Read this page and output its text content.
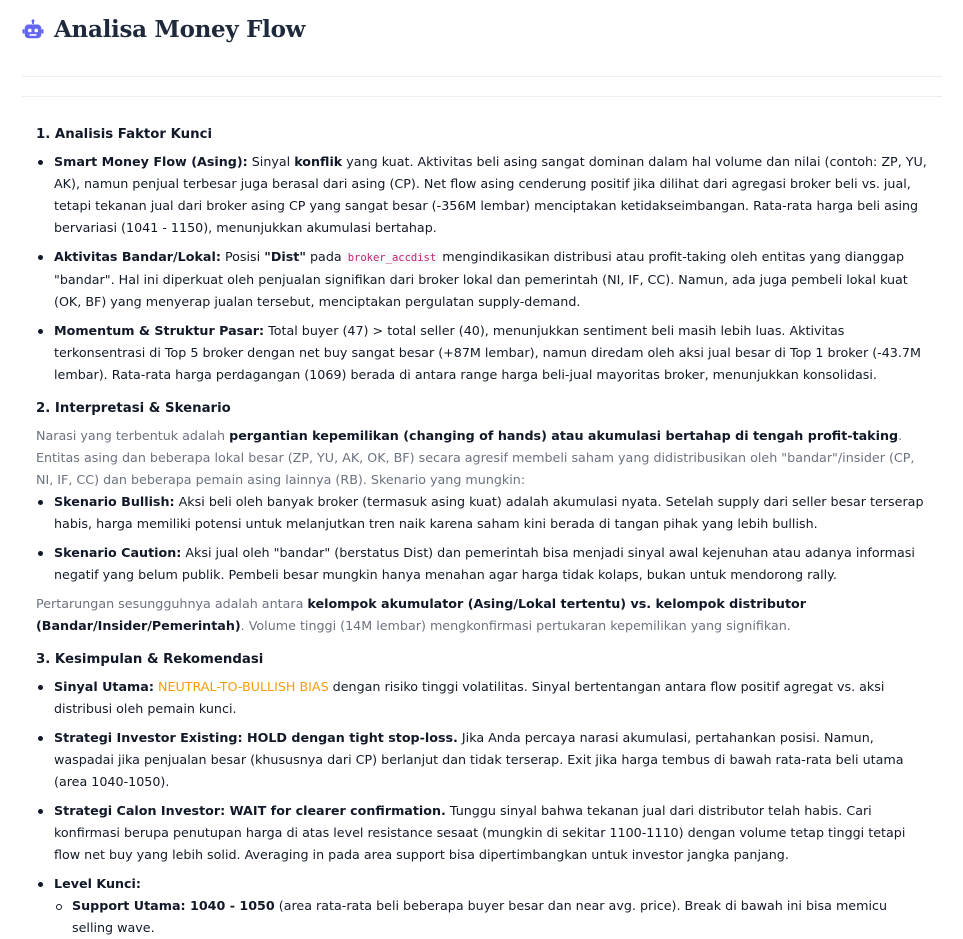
Analisa Money Flow

1. Analisis Faktor Kunci

Smart Money Flow (Asing): Sinyal konflik yang kuat. Aktivitas beli asing sangat dominan dalam hal volume dan nilai (contoh: ZP, YU, AK), namun penjual terbesar juga berasal dari asing (CP). Net flow asing cenderung positif jika dilihat dari agregasi broker beli vs. jual, tetapi tekanan jual dari broker asing CP yang sangat besar (-356M lembar) menciptakan ketidakseimbangan. Rata-rata harga beli asing bervariasi (1041 - 1150), menunjukkan akumulasi bertahap.
Aktivitas Bandar/Lokal: Posisi "Dist" pada broker_accdist mengindikasikan distribusi atau profit-taking oleh entitas yang dianggap "bandar". Hal ini diperkuat oleh penjualan signifikan dari broker lokal dan pemerintah (NI, IF, CC). Namun, ada juga pembeli lokal kuat (OK, BF) yang menyerap jualan tersebut, menciptakan pergulatan supply-demand.
Momentum & Struktur Pasar: Total buyer (47) > total seller (40), menunjukkan sentiment beli masih lebih luas. Aktivitas terkonsentrasi di Top 5 broker dengan net buy sangat besar (+87M lembar), namun diredam oleh aksi jual besar di Top 1 broker (-43.7M lembar). Rata-rata harga perdagangan (1069) berada di antara range harga beli-jual mayoritas broker, menunjukkan konsolidasi.

2. Interpretasi & Skenario

Narasi yang terbentuk adalah pergantian kepemilikan (changing of hands) atau akumulasi bertahap di tengah profit-taking. Entitas asing dan beberapa lokal besar (ZP, YU, AK, OK, BF) secara agresif membeli saham yang didistribusikan oleh "bandar"/insider (CP, NI, IF, CC) dan beberapa pemain asing lainnya (RB). Skenario yang mungkin:

Skenario Bullish: Aksi beli oleh banyak broker (termasuk asing kuat) adalah akumulasi nyata. Setelah supply dari seller besar terserap habis, harga memiliki potensi untuk melanjutkan tren naik karena saham kini berada di tangan pihak yang lebih bullish.
Skenario Caution: Aksi jual oleh "bandar" (berstatus Dist) dan pemerintah bisa menjadi sinyal awal kejenuhan atau adanya informasi negatif yang belum publik. Pembeli besar mungkin hanya menahan agar harga tidak kolaps, bukan untuk mendorong rally.

Pertarungan sesungguhnya adalah antara kelompok akumulator (Asing/Lokal tertentu) vs. kelompok distributor (Bandar/Insider/Pemerintah). Volume tinggi (14M lembar) mengkonfirmasi pertukaran kepemilikan yang signifikan.

3. Kesimpulan & Rekomendasi

Sinyal Utama: NEUTRAL-TO-BULLISH BIAS dengan risiko tinggi volatilitas. Sinyal bertentangan antara flow positif agregat vs. aksi distribusi oleh pemain kunci.
Strategi Investor Existing: HOLD dengan tight stop-loss. Jika Anda percaya narasi akumulasi, pertahankan posisi. Namun, waspadai jika penjualan besar (khususnya dari CP) berlanjut dan tidak terserap. Exit jika harga tembus di bawah rata-rata beli utama (area 1040-1050).
Strategi Calon Investor: WAIT for clearer confirmation. Tunggu sinyal bahwa tekanan jual dari distributor telah habis. Cari konfirmasi berupa penutupan harga di atas level resistance sesaat (mungkin di sekitar 1100-1110) dengan volume tetap tinggi tetapi flow net buy yang lebih solid. Averaging in pada area support bisa dipertimbangkan untuk investor jangka panjang.
Level Kunci:
Support Utama: 1040 - 1050 (area rata-rata beli beberapa buyer besar dan near avg. price). Break di bawah ini bisa memicu selling wave.
